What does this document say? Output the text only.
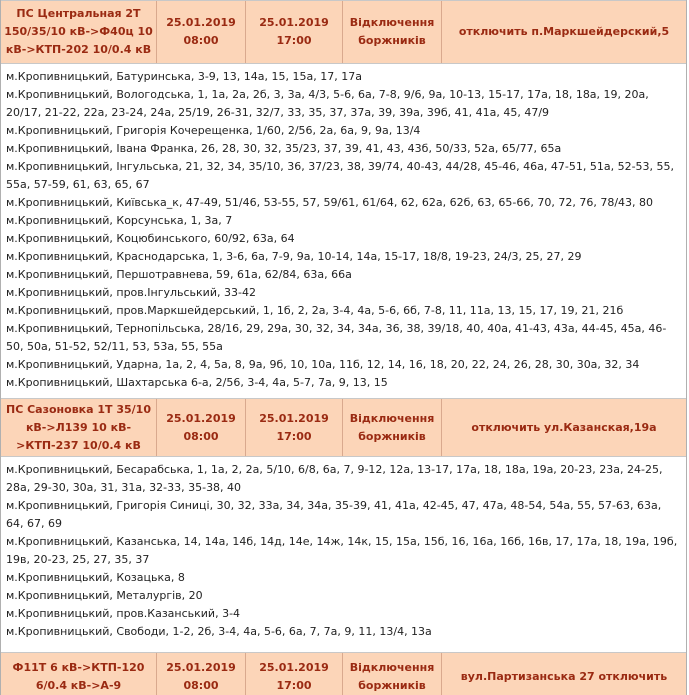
ПС Центральная 2Т 150/35/10 кВ->Ф40ц 10 кВ->КТП-202 10/0.4 кВ
25.01.2019
08:00
25.01.2019
17:00
Відключення боржників
отключить п.Маркшейдерский,5
м.Кропивницький, Батуринська, 3-9, 13, 14а, 15, 15а, 17, 17а
м.Кропивницький, Вологодська, 1, 1а, 2а, 2б, 3, 3а, 4/3, 5-6, 6а, 7-8, 9/6, 9а, 10-13, 15-17, 17а, 18, 18а, 19, 20а, 20/17, 21-22, 22а, 23-24, 24а, 25/19, 26-31, 32/7, 33, 35, 37, 37а, 39, 39а, 39б, 41, 41а, 45, 47/9
м.Кропивницький, Григорія Кочерещенка, 1/60, 2/56, 2а, 6а, 9, 9а, 13/4
м.Кропивницький, Івана Франка, 26, 28, 30, 32, 35/23, 37, 39, 41, 43, 43б, 50/33, 52а, 65/77, 65а
м.Кропивницький, Інгульська, 21, 32, 34, 35/10, 36, 37/23, 38, 39/74, 40-43, 44/28, 45-46, 46а, 47-51, 51а, 52-53, 55, 55а, 57-59, 61, 63, 65, 67
м.Кропивницький, Київська_к, 47-49, 51/46, 53-55, 57, 59/61, 61/64, 62, 62а, 62б, 63, 65-66, 70, 72, 76, 78/43, 80
м.Кропивницький, Корсунська, 1, 3а, 7
м.Кропивницький, Коцюбинського, 60/92, 63а, 64
м.Кропивницький, Краснодарська, 1, 3-6, 6а, 7-9, 9а, 10-14, 14а, 15-17, 18/8, 19-23, 24/3, 25, 27, 29
м.Кропивницький, Першотравнева, 59, 61а, 62/84, 63а, 66а
м.Кропивницький, пров.Інгульський, 33-42
м.Кропивницький, пров.Маркшейдерський, 1, 1б, 2, 2а, 3-4, 4а, 5-6, 6б, 7-8, 11, 11а, 13, 15, 17, 19, 21, 21б
м.Кропивницький, Тернопільська, 28/16, 29, 29а, 30, 32, 34, 34а, 36, 38, 39/18, 40, 40а, 41-43, 43а, 44-45, 45а, 46-50, 50а, 51-52, 52/11, 53, 53а, 55, 55а
м.Кропивницький, Ударна, 1а, 2, 4, 5а, 8, 9а, 9б, 10, 10а, 11б, 12, 14, 16, 18, 20, 22, 24, 26, 28, 30, 30а, 32, 34
м.Кропивницький, Шахтарська 6-а, 2/56, 3-4, 4а, 5-7, 7а, 9, 13, 15
ПС Сазоновка 1Т 35/10 кВ->Л139 10 кВ->КТП-237 10/0.4 кВ
25.01.2019
08:00
25.01.2019
17:00
Відключення боржників
отключить ул.Казанская,19а
м.Кропивницький, Бесарабська, 1, 1а, 2, 2а, 5/10, 6/8, 6а, 7, 9-12, 12а, 13-17, 17а, 18, 18а, 19а, 20-23, 23а, 24-25, 28а, 29-30, 30а, 31, 31а, 32-33, 35-38, 40
м.Кропивницький, Григорія Синиці, 30, 32, 33а, 34, 34а, 35-39, 41, 41а, 42-45, 47, 47а, 48-54, 54а, 55, 57-63, 63а, 64, 67, 69
м.Кропивницький, Казанська, 14, 14а, 14б, 14д, 14е, 14ж, 14к, 15, 15а, 15б, 16, 16а, 16б, 16в, 17, 17а, 18, 19а, 19б, 19в, 20-23, 25, 27, 35, 37
м.Кропивницький, Козацька, 8
м.Кропивницький, Металургів, 20
м.Кропивницький, пров.Казанський, 3-4
м.Кропивницький, Свободи, 1-2, 2б, 3-4, 4а, 5-6, 6а, 7, 7а, 9, 11, 13/4, 13а
Ф11Т 6 кВ->КТП-120 6/0.4 кВ->А-9
25.01.2019
08:00
25.01.2019
17:00
Відключення боржників
вул.Партизанська 27 отключить
